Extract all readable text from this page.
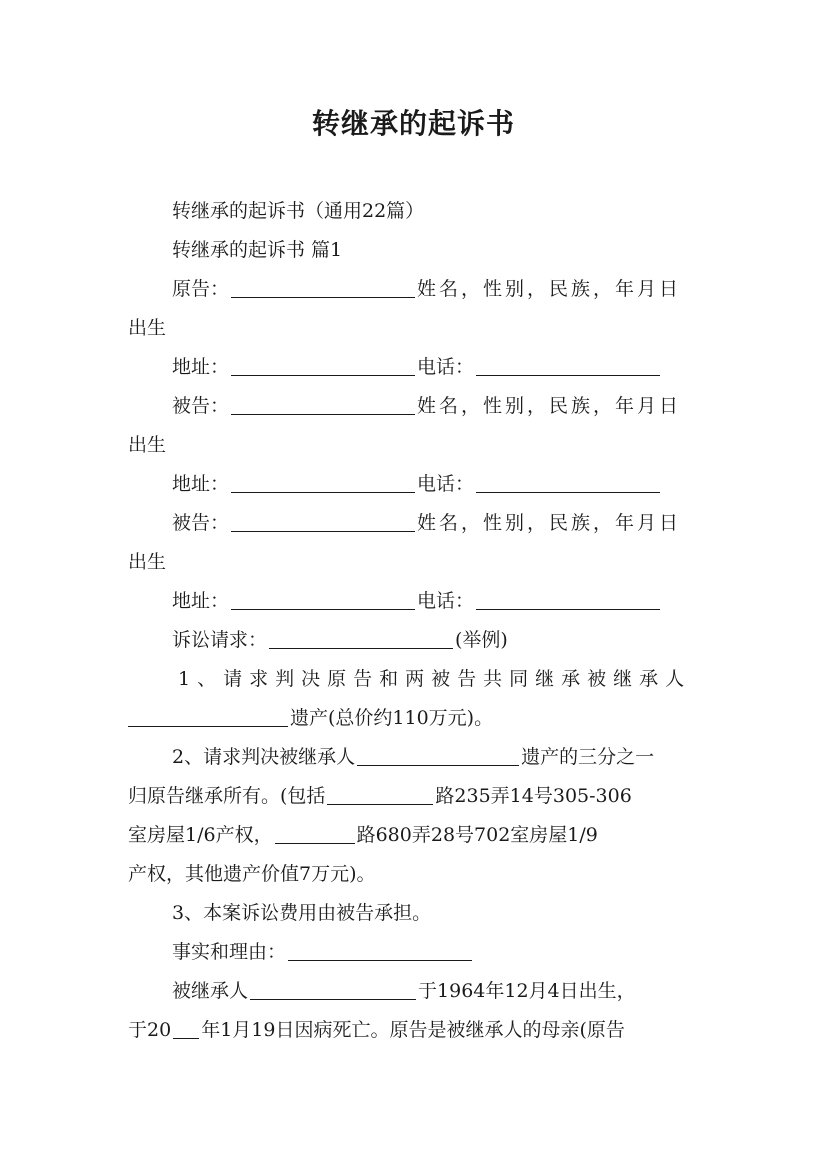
转继承的起诉书
转继承的起诉书（通用22篇）
转继承的起诉书 篇1
原告：	姓名，性别，民族，年月日
出生
地址：	电话：
被告：	姓名，性别，民族，年月日
出生
地址：	电话：
被告：	姓名，性别，民族，年月日
出生
地址：	电话：
诉讼请求：	(举例)
1、请求判决原告和两被告共同继承被继承人
遗产(总价约110万元)。
2、请求判决被继承人	遗产的三分之一
归原告继承所有。(包括	路235弄14号305-306
室房屋1/6产权，	路680弄28号702室房屋1/9
产权，其他遗产价值7万元)。
3、本案诉讼费用由被告承担。
事实和理由：
被继承人	于1964年12月4日出生，
于20 年1月19日因病死亡。原告是被继承人的母亲(原告
